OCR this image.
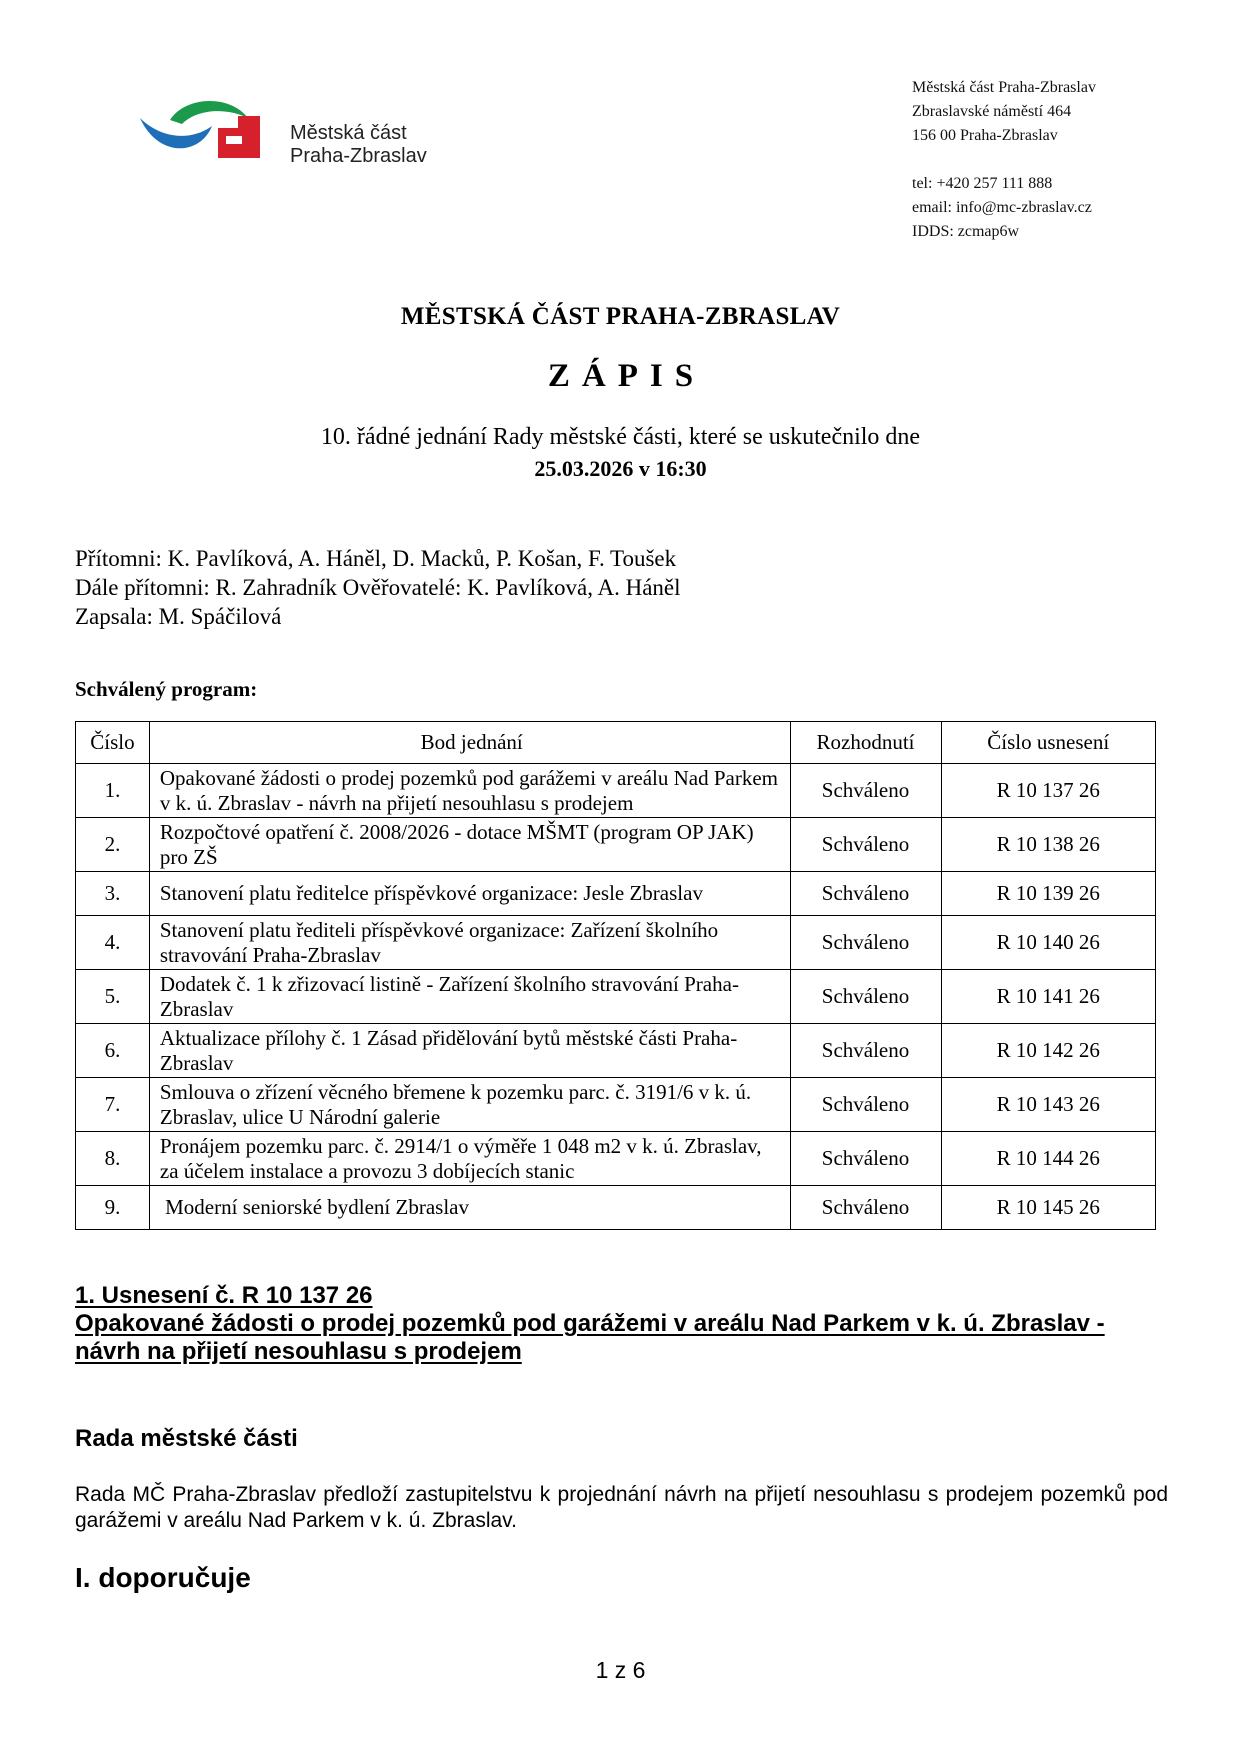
Městská část
Praha-Zbraslav
Městská část Praha-Zbraslav
Zbraslavské náměstí 464
156 00 Praha-Zbraslav
tel: +420 257 111 888
email: info@mc-zbraslav.cz
IDDS: zcmap6w
MĚSTSKÁ ČÁST PRAHA-ZBRASLAV
ZÁPIS
10. řádné jednání Rady městské části, které se uskutečnilo dne
25.03.2026 v 16:30
Přítomni: K. Pavlíková, A. Háněl, D. Macků, P. Košan, F. Toušek
Dále přítomni: R. Zahradník Ověřovatelé: K. Pavlíková, A. Háněl
Zapsala: M. Spáčilová
Schválený program:
Číslo	Bod jednání	Rozhodnutí	Číslo usnesení
1.	Opakované žádosti o prodej pozemků pod garážemi v areálu Nad Parkem v k. ú. Zbraslav - návrh na přijetí nesouhlasu s prodejem	Schváleno	R 10 137 26
2.	Rozpočtové opatření č. 2008/2026 - dotace MŠMT (program OP JAK) pro ZŠ	Schváleno	R 10 138 26
3.	Stanovení platu ředitelce příspěvkové organizace: Jesle Zbraslav	Schváleno	R 10 139 26
4.	Stanovení platu řediteli příspěvkové organizace: Zařízení školního stravování Praha-Zbraslav	Schváleno	R 10 140 26
5.	Dodatek č. 1 k zřizovací listině - Zařízení školního stravování Praha-Zbraslav	Schváleno	R 10 141 26
6.	Aktualizace přílohy č. 1 Zásad přidělování bytů městské části Praha-Zbraslav	Schváleno	R 10 142 26
7.	Smlouva o zřízení věcného břemene k pozemku parc. č. 3191/6 v k. ú. Zbraslav, ulice U Národní galerie	Schváleno	R 10 143 26
8.	Pronájem pozemku parc. č. 2914/1 o výměře 1 048 m2 v k. ú. Zbraslav, za účelem instalace a provozu 3 dobíjecích stanic	Schváleno	R 10 144 26
9.	Moderní seniorské bydlení Zbraslav	Schváleno	R 10 145 26
1. Usnesení č. R 10 137 26
Opakované žádosti o prodej pozemků pod garážemi v areálu Nad Parkem v k. ú. Zbraslav -
návrh na přijetí nesouhlasu s prodejem
Rada městské části
Rada MČ Praha-Zbraslav předloží zastupitelstvu k projednání návrh na přijetí nesouhlasu s prodejem pozemků pod garážemi v areálu Nad Parkem v k. ú. Zbraslav.
I. doporučuje
1 z 6
